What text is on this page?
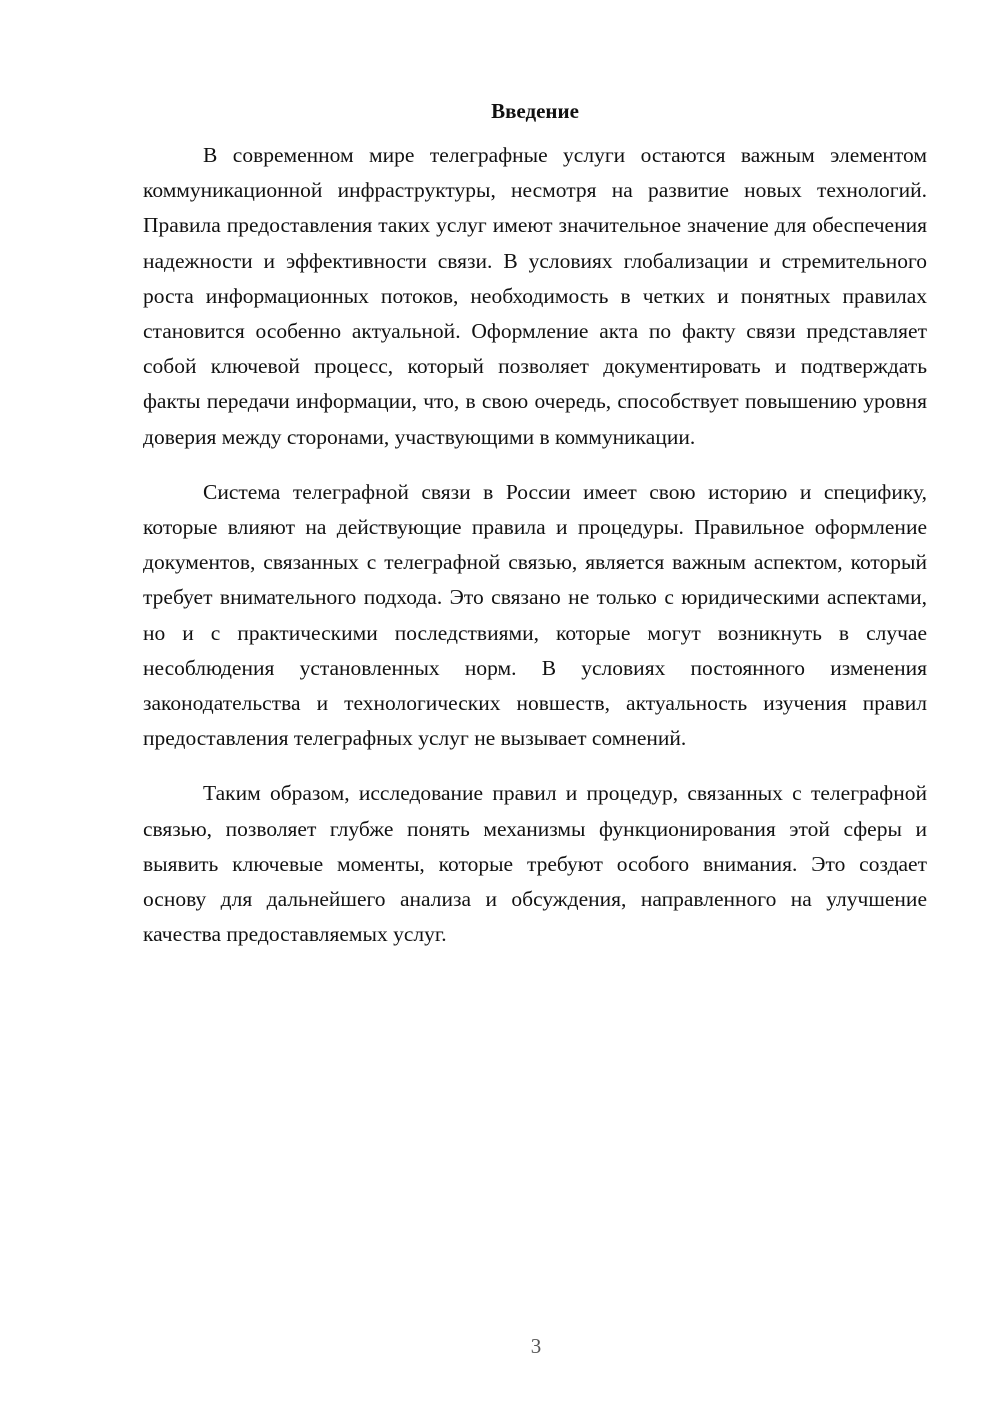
Введение

В современном мире телеграфные услуги остаются важным элементом коммуникационной инфраструктуры, несмотря на развитие новых технологий. Правила предоставления таких услуг имеют значительное значение для обеспечения надежности и эффективности связи. В условиях глобализации и стремительного роста информационных потоков, необходимость в четких и понятных правилах становится особенно актуальной. Оформление акта по факту связи представляет собой ключевой процесс, который позволяет документировать и подтверждать факты передачи информации, что, в свою очередь, способствует повышению уровня доверия между сторонами, участвующими в коммуникации.

Система телеграфной связи в России имеет свою историю и специфику, которые влияют на действующие правила и процедуры. Правильное оформление документов, связанных с телеграфной связью, является важным аспектом, который требует внимательного подхода. Это связано не только с юридическими аспектами, но и с практическими последствиями, которые могут возникнуть в случае несоблюдения установленных норм. В условиях постоянного изменения законодательства и технологических новшеств, актуальность изучения правил предоставления телеграфных услуг не вызывает сомнений.

Таким образом, исследование правил и процедур, связанных с телеграфной связью, позволяет глубже понять механизмы функционирования этой сферы и выявить ключевые моменты, которые требуют особого внимания. Это создает основу для дальнейшего анализа и обсуждения, направленного на улучшение качества предоставляемых услуг.

3
